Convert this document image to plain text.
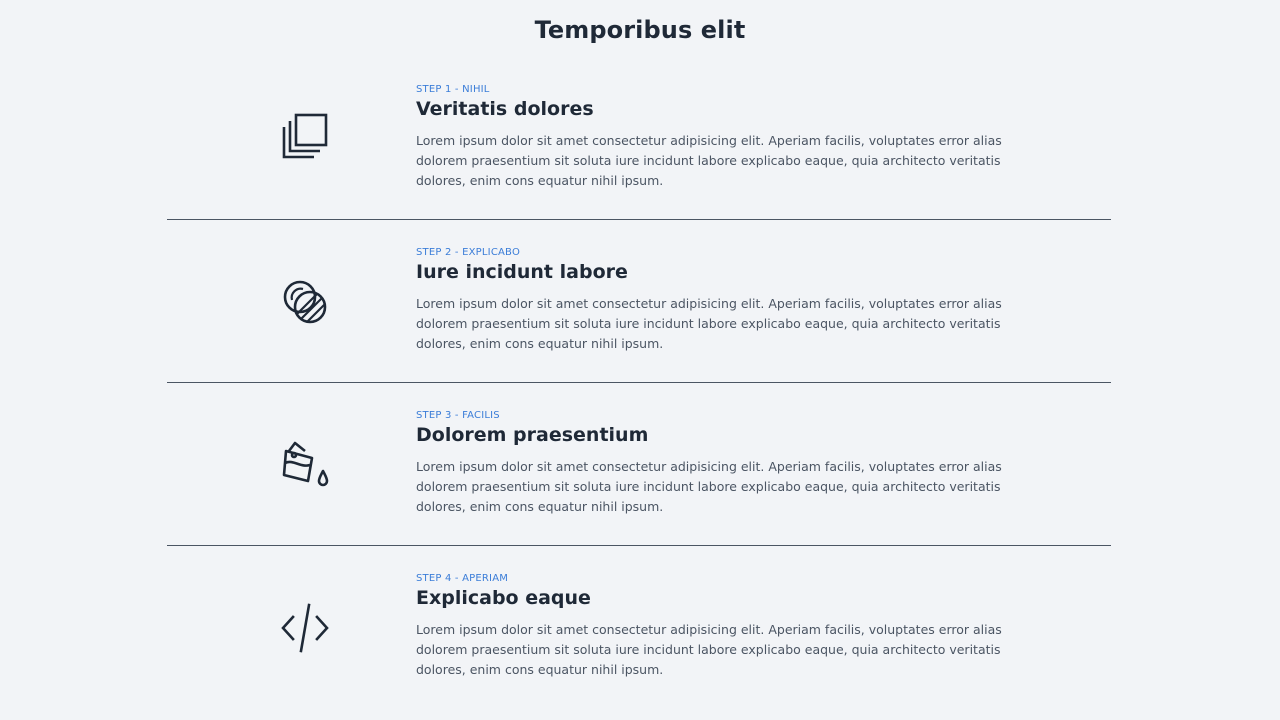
Temporibus elit
STEP 1 - NIHIL
Veritatis dolores

Lorem ipsum dolor sit amet consectetur adipisicing elit. Aperiam facilis, voluptates error alias dolorem praesentium sit soluta iure incidunt labore explicabo eaque, quia architecto veritatis dolores, enim cons equatur nihil ipsum.

STEP 2 - EXPLICABO
Iure incidunt labore

Lorem ipsum dolor sit amet consectetur adipisicing elit. Aperiam facilis, voluptates error alias dolorem praesentium sit soluta iure incidunt labore explicabo eaque, quia architecto veritatis dolores, enim cons equatur nihil ipsum.

STEP 3 - FACILIS
Dolorem praesentium

Lorem ipsum dolor sit amet consectetur adipisicing elit. Aperiam facilis, voluptates error alias dolorem praesentium sit soluta iure incidunt labore explicabo eaque, quia architecto veritatis dolores, enim cons equatur nihil ipsum.

STEP 4 - APERIAM
Explicabo eaque

Lorem ipsum dolor sit amet consectetur adipisicing elit. Aperiam facilis, voluptates error alias dolorem praesentium sit soluta iure incidunt labore explicabo eaque, quia architecto veritatis dolores, enim cons equatur nihil ipsum.
